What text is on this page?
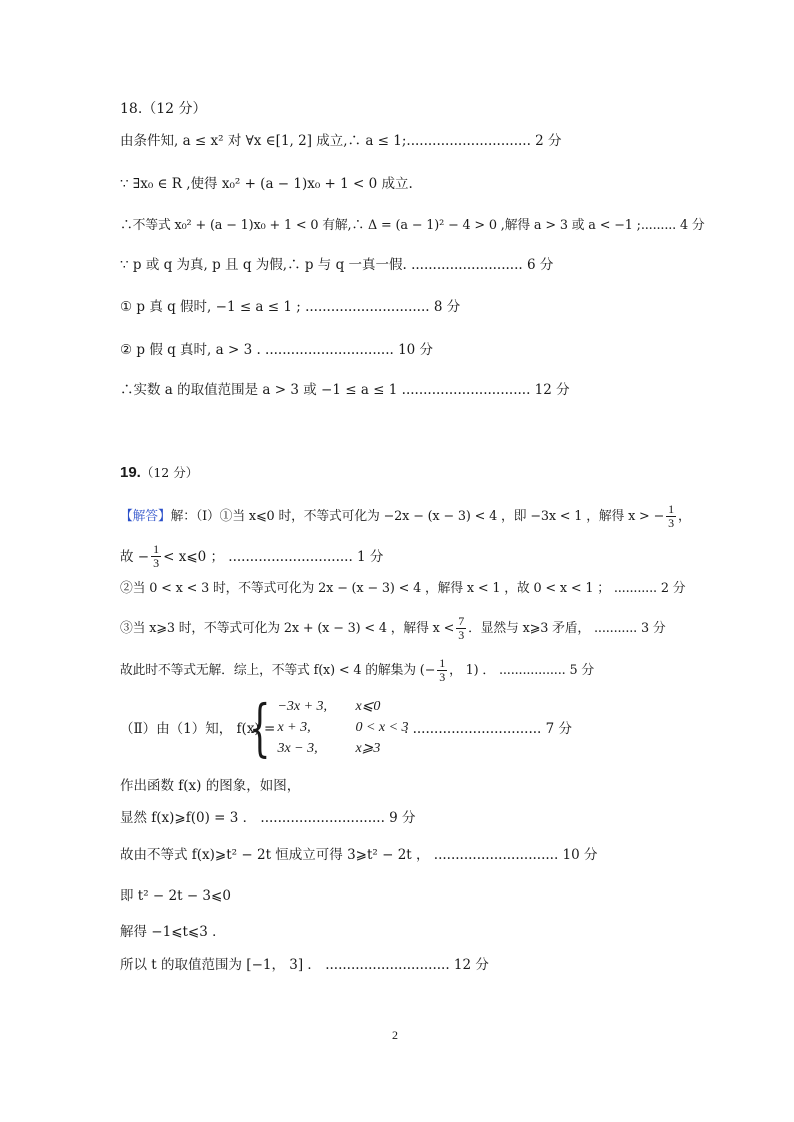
18.（12 分）
由条件知, a ≤ x² 对 ∀x ∈[1, 2] 成立,∴ a ≤ 1;............................. 2 分
∵ ∃x₀ ∈ R ,使得 x₀² + (a − 1)x₀ + 1 < 0 成立.
∴不等式 x₀² + (a − 1)x₀ + 1 < 0 有解,∴ Δ = (a − 1)² − 4 > 0 ,解得 a > 3 或 a < −1 ;......... 4 分
∵ p 或 q 为真, p 且 q 为假,∴ p 与 q 一真一假. .......................... 6 分
① p 真 q 假时, −1 ≤ a ≤ 1 ; ............................. 8 分
② p 假 q 真时, a > 3 . .............................. 10 分
∴实数 a 的取值范围是 a > 3 或 −1 ≤ a ≤ 1 .............................. 12 分
19.（12 分）
【解答】 解：（Ⅰ）①当 x⩽0 时，不等式可化为 −2x − (x − 3) < 4 ，即 −3x < 1 ，解得 x > − $\frac{1}{3}$ ，
故 − $\frac{1}{3}$ < x⩽0 ； ............................. 1 分
②当 0 < x < 3 时，不等式可化为 2x − (x − 3) < 4 ，解得 x < 1 ，故 0 < x < 1 ； ........... 2 分
③当 x⩾3 时，不等式可化为 2x + (x − 3) < 4 ，解得 $x < \frac{7}{3}$ ．显然与 x⩾3 矛盾， ........... 3 分
故此时不等式无解．综上，不等式 f(x) < 4 的解集为 (− $\frac{1}{3}$ ， 1) ． ................. 5 分
（Ⅱ）由（1）知， f(x) =
{ −3x + 3,	x⩽0
x + 3,	0 < x < 3
3x − 3,	x⩾3
. .............................. 7 分
作出函数 f(x) 的图象，如图，
显然 f(x)⩾f(0) = 3 ． ............................. 9 分
故由不等式 f(x)⩾t² − 2t 恒成立可得 3⩾t² − 2t ， ............................. 10 分
即 t² − 2t − 3⩽0
解得 −1⩽t⩽3 ．
所以 t 的取值范围为 [−1， 3] ． ............................. 12 分
2
